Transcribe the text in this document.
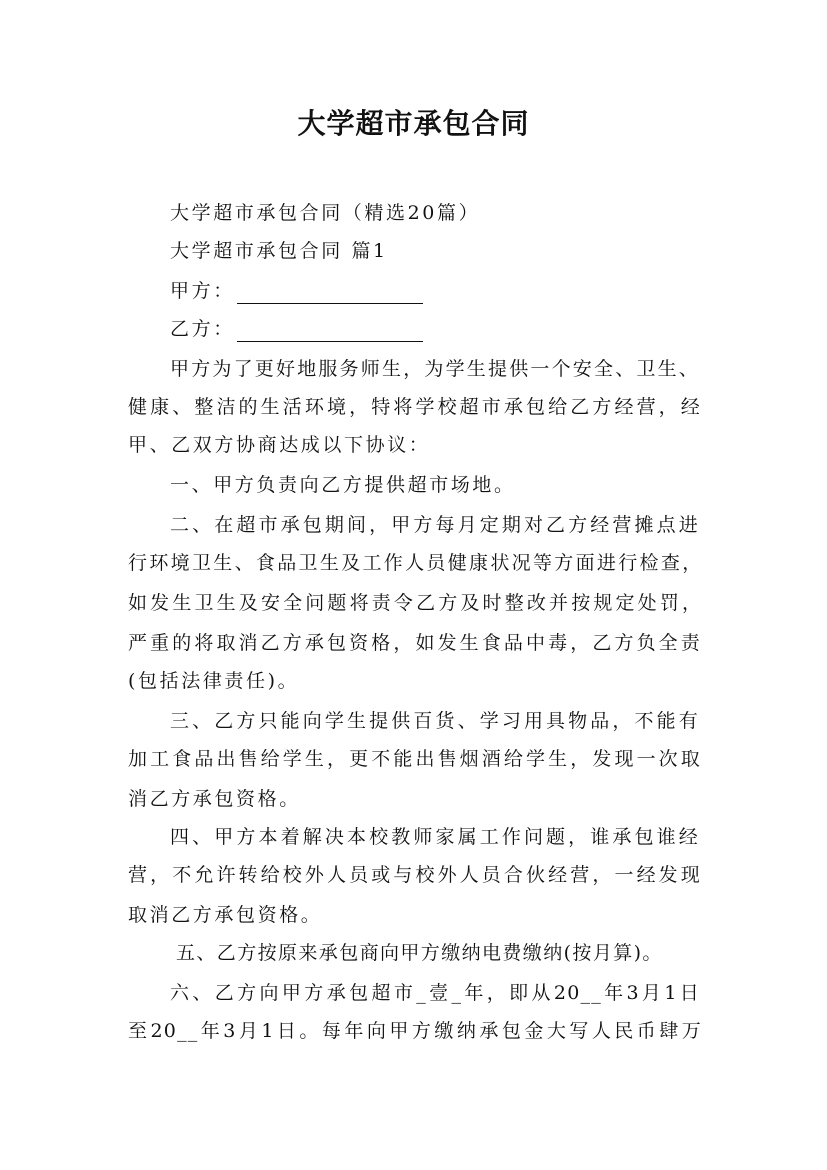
大学超市承包合同
大学超市承包合同（精选20篇）
大学超市承包合同 篇1
甲方：
乙方：
甲方为了更好地服务师生，为学生提供一个安全、卫生、
健康、整洁的生活环境，特将学校超市承包给乙方经营，经
甲、乙双方协商达成以下协议：
一、甲方负责向乙方提供超市场地。
二、在超市承包期间，甲方每月定期对乙方经营摊点进
行环境卫生、食品卫生及工作人员健康状况等方面进行检查，
如发生卫生及安全问题将责令乙方及时整改并按规定处罚，
严重的将取消乙方承包资格，如发生食品中毒，乙方负全责
(包括法律责任)。
三、乙方只能向学生提供百货、学习用具物品，不能有
加工食品出售给学生，更不能出售烟酒给学生，发现一次取
消乙方承包资格。
四、甲方本着解决本校教师家属工作问题，谁承包谁经
营，不允许转给校外人员或与校外人员合伙经营，一经发现
取消乙方承包资格。
五、乙方按原来承包商向甲方缴纳电费缴纳(按月算)。
六、乙方向甲方承包超市_壹_年，即从20__年3月1日
至20__年3月1日。每年向甲方缴纳承包金大写人民币肆万
